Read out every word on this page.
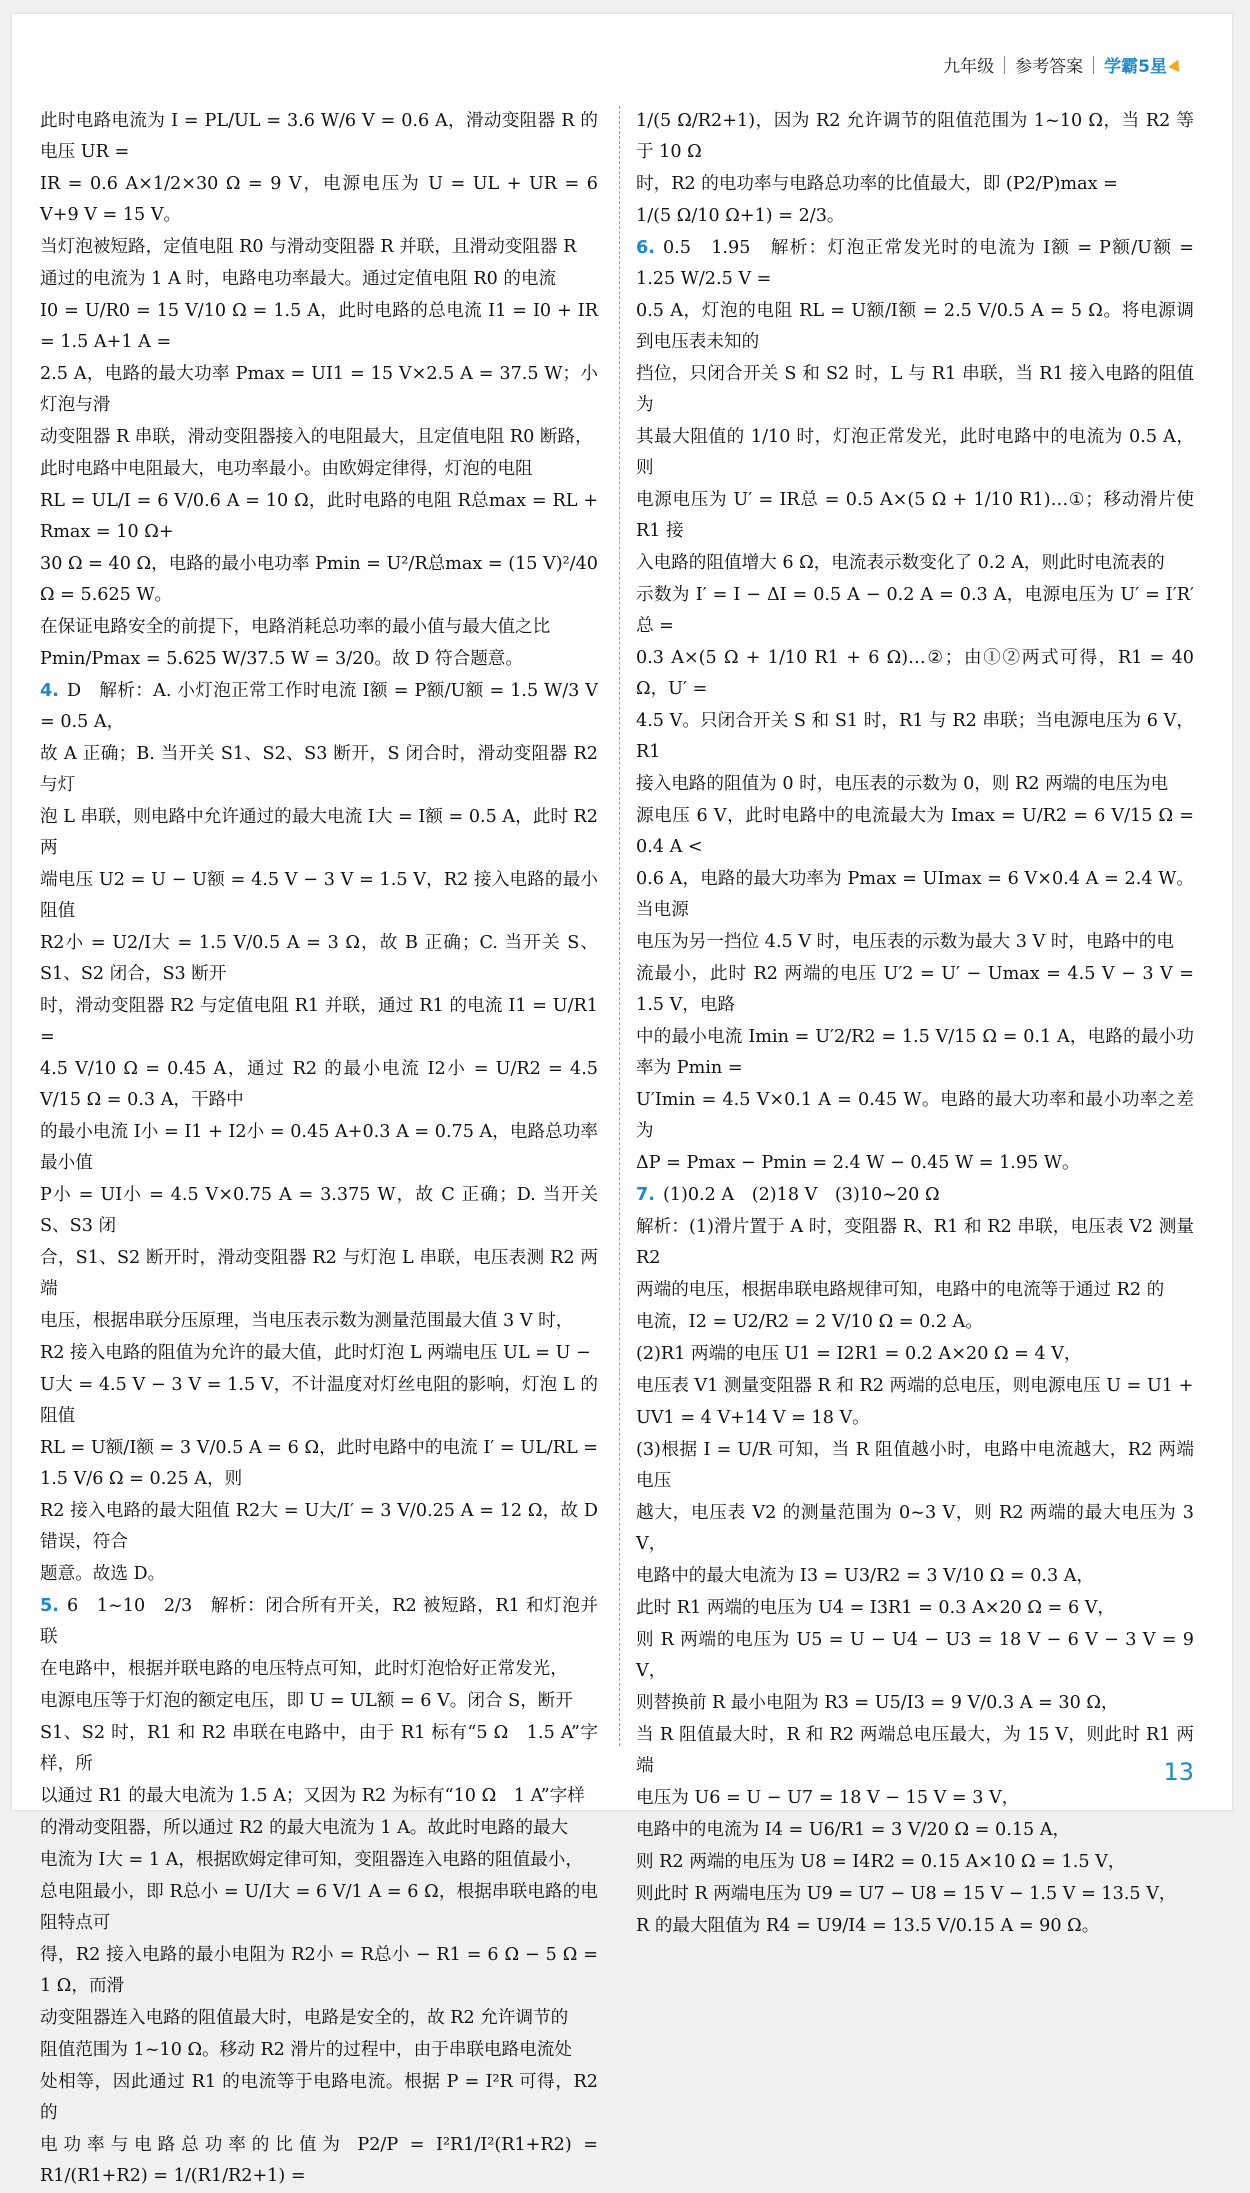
九年级 参考答案 学霸5星

此时电路电流为 I = PL/UL = 3.6 W/6 V = 0.6 A，滑动变阻器 R 的电压 UR =

IR = 0.6 A×1/2×30 Ω = 9 V，电源电压为 U = UL + UR = 6 V+9 V = 15 V。

当灯泡被短路，定值电阻 R0 与滑动变阻器 R 并联，且滑动变阻器 R

通过的电流为 1 A 时，电路电功率最大。通过定值电阻 R0 的电流

I0 = U/R0 = 15 V/10 Ω = 1.5 A，此时电路的总电流 I1 = I0 + IR = 1.5 A+1 A =

2.5 A，电路的最大功率 Pmax = UI1 = 15 V×2.5 A = 37.5 W；小灯泡与滑

动变阻器 R 串联，滑动变阻器接入的电阻最大，且定值电阻 R0 断路，

此时电路中电阻最大，电功率最小。由欧姆定律得，灯泡的电阻

RL = UL/I = 6 V/0.6 A = 10 Ω，此时电路的电阻 R总max = RL + Rmax = 10 Ω+

30 Ω = 40 Ω，电路的最小电功率 Pmin = U²/R总max = (15 V)²/40 Ω = 5.625 W。

在保证电路安全的前提下，电路消耗总功率的最小值与最大值之比

Pmin/Pmax = 5.625 W/37.5 W = 3/20。故 D 符合题意。

4. D　解析：A. 小灯泡正常工作时电流 I额 = P额/U额 = 1.5 W/3 V = 0.5 A，

故 A 正确；B. 当开关 S1、S2、S3 断开，S 闭合时，滑动变阻器 R2 与灯

泡 L 串联，则电路中允许通过的最大电流 I大 = I额 = 0.5 A，此时 R2 两

端电压 U2 = U − U额 = 4.5 V − 3 V = 1.5 V，R2 接入电路的最小阻值

R2小 = U2/I大 = 1.5 V/0.5 A = 3 Ω，故 B 正确；C. 当开关 S、S1、S2 闭合，S3 断开

时，滑动变阻器 R2 与定值电阻 R1 并联，通过 R1 的电流 I1 = U/R1 =

4.5 V/10 Ω = 0.45 A，通过 R2 的最小电流 I2小 = U/R2 = 4.5 V/15 Ω = 0.3 A，干路中

的最小电流 I小 = I1 + I2小 = 0.45 A+0.3 A = 0.75 A，电路总功率最小值

P小 = UI小 = 4.5 V×0.75 A = 3.375 W，故 C 正确；D. 当开关 S、S3 闭

合，S1、S2 断开时，滑动变阻器 R2 与灯泡 L 串联，电压表测 R2 两端

电压，根据串联分压原理，当电压表示数为测量范围最大值 3 V 时，

R2 接入电路的阻值为允许的最大值，此时灯泡 L 两端电压 UL = U −

U大 = 4.5 V − 3 V = 1.5 V，不计温度对灯丝电阻的影响，灯泡 L 的阻值

RL = U额/I额 = 3 V/0.5 A = 6 Ω，此时电路中的电流 I′ = UL/RL = 1.5 V/6 Ω = 0.25 A，则

R2 接入电路的最大阻值 R2大 = U大/I′ = 3 V/0.25 A = 12 Ω，故 D 错误，符合

题意。故选 D。

5. 6　1~10　2/3　解析：闭合所有开关，R2 被短路，R1 和灯泡并联

在电路中，根据并联电路的电压特点可知，此时灯泡恰好正常发光，

电源电压等于灯泡的额定电压，即 U = UL额 = 6 V。闭合 S，断开

S1、S2 时，R1 和 R2 串联在电路中，由于 R1 标有“5 Ω　1.5 A”字样，所

以通过 R1 的最大电流为 1.5 A；又因为 R2 为标有“10 Ω　1 A”字样

的滑动变阻器，所以通过 R2 的最大电流为 1 A。故此时电路的最大

电流为 I大 = 1 A，根据欧姆定律可知，变阻器连入电路的阻值最小，

总电阻最小，即 R总小 = U/I大 = 6 V/1 A = 6 Ω，根据串联电路的电阻特点可

得，R2 接入电路的最小电阻为 R2小 = R总小 − R1 = 6 Ω − 5 Ω = 1 Ω，而滑

动变阻器连入电路的阻值最大时，电路是安全的，故 R2 允许调节的

阻值范围为 1~10 Ω。移动 R2 滑片的过程中，由于串联电路电流处

处相等，因此通过 R1 的电流等于电路电流。根据 P = I²R 可得，R2 的

电功率与电路总功率的比值为 P2/P = I²R1/I²(R1+R2) = R1/(R1+R2) = 1/(R1/R2+1) =

1/(5 Ω/R2+1)，因为 R2 允许调节的阻值范围为 1~10 Ω，当 R2 等于 10 Ω

时，R2 的电功率与电路总功率的比值最大，即 (P2/P)max =

1/(5 Ω/10 Ω+1) = 2/3。

6. 0.5　1.95　解析：灯泡正常发光时的电流为 I额 = P额/U额 = 1.25 W/2.5 V =

0.5 A，灯泡的电阻 RL = U额/I额 = 2.5 V/0.5 A = 5 Ω。将电源调到电压表未知的

挡位，只闭合开关 S 和 S2 时，L 与 R1 串联，当 R1 接入电路的阻值为

其最大阻值的 1/10 时，灯泡正常发光，此时电路中的电流为 0.5 A，则

电源电压为 U′ = IR总 = 0.5 A×(5 Ω + 1/10 R1)…①；移动滑片使 R1 接

入电路的阻值增大 6 Ω，电流表示数变化了 0.2 A，则此时电流表的

示数为 I′ = I − ΔI = 0.5 A − 0.2 A = 0.3 A，电源电压为 U′ = I′R′总 =

0.3 A×(5 Ω + 1/10 R1 + 6 Ω)…②；由①②两式可得，R1 = 40 Ω，U′ =

4.5 V。只闭合开关 S 和 S1 时，R1 与 R2 串联；当电源电压为 6 V，R1

接入电路的阻值为 0 时，电压表的示数为 0，则 R2 两端的电压为电

源电压 6 V，此时电路中的电流最大为 Imax = U/R2 = 6 V/15 Ω = 0.4 A <

0.6 A，电路的最大功率为 Pmax = UImax = 6 V×0.4 A = 2.4 W。当电源

电压为另一挡位 4.5 V 时，电压表的示数为最大 3 V 时，电路中的电

流最小，此时 R2 两端的电压 U′2 = U′ − Umax = 4.5 V − 3 V = 1.5 V，电路

中的最小电流 Imin = U′2/R2 = 1.5 V/15 Ω = 0.1 A，电路的最小功率为 Pmin =

U′Imin = 4.5 V×0.1 A = 0.45 W。电路的最大功率和最小功率之差为

ΔP = Pmax − Pmin = 2.4 W − 0.45 W = 1.95 W。

7. (1)0.2 A　(2)18 V　(3)10~20 Ω

解析：(1)滑片置于 A 时，变阻器 R、R1 和 R2 串联，电压表 V2 测量 R2

两端的电压，根据串联电路规律可知，电路中的电流等于通过 R2 的

电流，I2 = U2/R2 = 2 V/10 Ω = 0.2 A。

(2)R1 两端的电压 U1 = I2R1 = 0.2 A×20 Ω = 4 V，

电压表 V1 测量变阻器 R 和 R2 两端的总电压，则电源电压 U = U1 +

UV1 = 4 V+14 V = 18 V。

(3)根据 I = U/R 可知，当 R 阻值越小时，电路中电流越大，R2 两端电压

越大，电压表 V2 的测量范围为 0~3 V，则 R2 两端的最大电压为 3 V，

电路中的最大电流为 I3 = U3/R2 = 3 V/10 Ω = 0.3 A，

此时 R1 两端的电压为 U4 = I3R1 = 0.3 A×20 Ω = 6 V，

则 R 两端的电压为 U5 = U − U4 − U3 = 18 V − 6 V − 3 V = 9 V，

则替换前 R 最小电阻为 R3 = U5/I3 = 9 V/0.3 A = 30 Ω，

当 R 阻值最大时，R 和 R2 两端总电压最大，为 15 V，则此时 R1 两端

电压为 U6 = U − U7 = 18 V − 15 V = 3 V，

电路中的电流为 I4 = U6/R1 = 3 V/20 Ω = 0.15 A，

则 R2 两端的电压为 U8 = I4R2 = 0.15 A×10 Ω = 1.5 V，

则此时 R 两端电压为 U9 = U7 − U8 = 15 V − 1.5 V = 13.5 V，

R 的最大阻值为 R4 = U9/I4 = 13.5 V/0.15 A = 90 Ω。

13
